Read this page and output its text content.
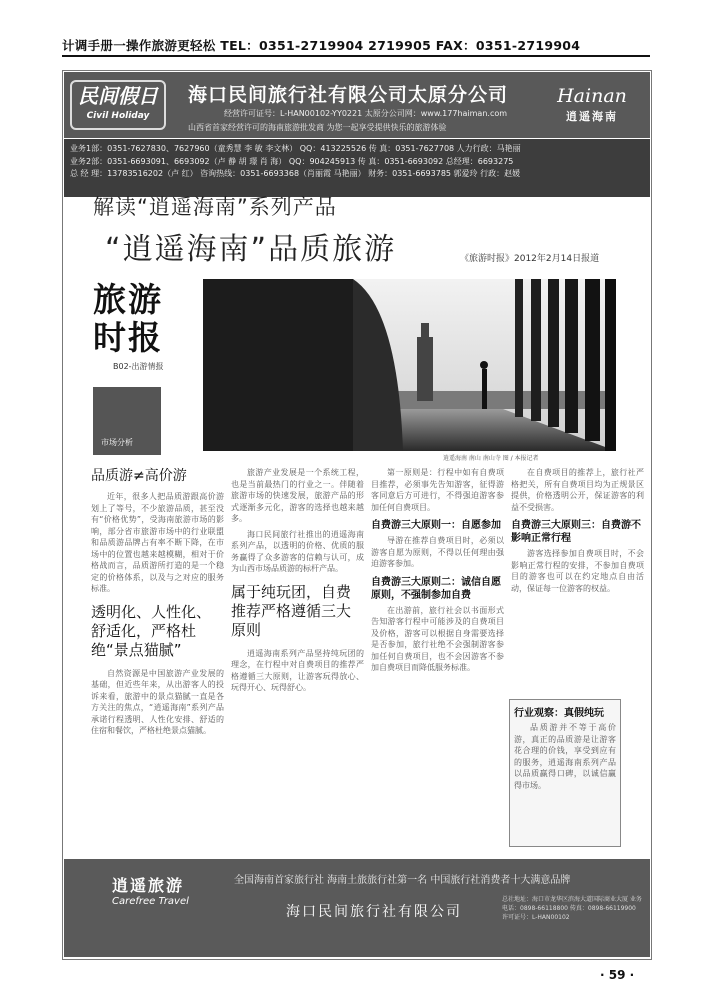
计调手册一操作旅游更轻松 TEL：0351-2719904 2719905 FAX：0351-2719904
民间假日
Civil Holiday
海口民间旅行社有限公司太原分公司
经营许可证号：L-HAN00102-YY0221 太原分公司网：www.177haiman.com
山西省首家经营许可的海南旅游批发商 为您一起享受提供快乐的旅游体验
Hainan
逍遥海南
业务1部：0351-7627830、7627960（童秀慧 李 敏 李文林） QQ：413225526 传 真：0351-7627708 人力行政：马艳丽
业务2部：0351-6693091、6693092（卢 静 胡 璟 肖 海） QQ：904245913 传 真：0351-6693092 总经理：6693275
总 经 理：13783516202（卢 红） 咨询热线：0351-6693368（肖丽霞 马艳丽） 财务：0351-6693785 郭爱玲 行政：赵媛
解读“逍遥海南”系列产品
“逍遥海南”品质旅游	《旅游时报》2012年2月14日报道
旅游
时报
B02-出游情报
市场分析
逍遥海南 南山 南山寺 图 / 本报记者
品质游≠高价游

近年，很多人把品质游跟高价游划上了等号，不少旅游品质，甚至没有“价格优势”，受海南旅游市场的影响，部分省市旅游市场中的行业联盟和品质游品牌占有率不断下降，在市场中的位置也越来越模糊，相对于价格战而言，品质游所打造的是一个稳定的价格体系，以及与之对应的服务标准。

透明化、人性化、舒适化，严格杜绝“景点猫腻”

自然资源是中国旅游产业发展的基础，但近些年来，从出游客人的投诉来看，旅游中的景点猫腻一直是各方关注的焦点，“逍遥海南”系列产品承诺行程透明、人性化安排、舒适的住宿和餐饮，严格杜绝景点猫腻。

旅游产业发展是一个系统工程，也是当前最热门的行业之一。伴随着旅游市场的快速发展，旅游产品的形式逐渐多元化，游客的选择也越来越多。

海口民间旅行社推出的逍遥海南系列产品，以透明的价格、优质的服务赢得了众多游客的信赖与认可，成为山西市场品质游的标杆产品。

属于纯玩团，自费推荐严格遵循三大原则

逍遥海南系列产品坚持纯玩团的理念，在行程中对自费项目的推荐严格遵循三大原则，让游客玩得放心、玩得开心、玩得舒心。

第一原则是：行程中如有自费项目推荐，必须事先告知游客，征得游客同意后方可进行，不得强迫游客参加任何自费项目。

自费游三大原则一：自愿参加

导游在推荐自费项目时，必须以游客自愿为原则，不得以任何理由强迫游客参加。

自费游三大原则二：诚信自愿原则，不强制参加自费

在出游前，旅行社会以书面形式告知游客行程中可能涉及的自费项目及价格，游客可以根据自身需要选择是否参加，旅行社绝不会强制游客参加任何自费项目，也不会因游客不参加自费项目而降低服务标准。

在自费项目的推荐上，旅行社严格把关，所有自费项目均为正规景区提供，价格透明公开，保证游客的利益不受损害。

自费游三大原则三：自费游不影响正常行程

游客选择参加自费项目时，不会影响正常行程的安排，不参加自费项目的游客也可以在约定地点自由活动，保证每一位游客的权益。

行业观察：真假纯玩

品质游并不等于高价游，真正的品质游是让游客花合理的价钱，享受到应有的服务，逍遥海南系列产品以品质赢得口碑，以诚信赢得市场。

逍遥旅游
Carefree Travel
全国海南首家旅行社 海南土旅旅行社第一名 中国旅行社消费者十大满意品牌
海口民间旅行社有限公司
总社地址：海口市龙华区滨海大道国际商业大厦 业务电话：0898-66118800 传真：0898-66119900 许可证号：L-HAN00102
· 59 ·
